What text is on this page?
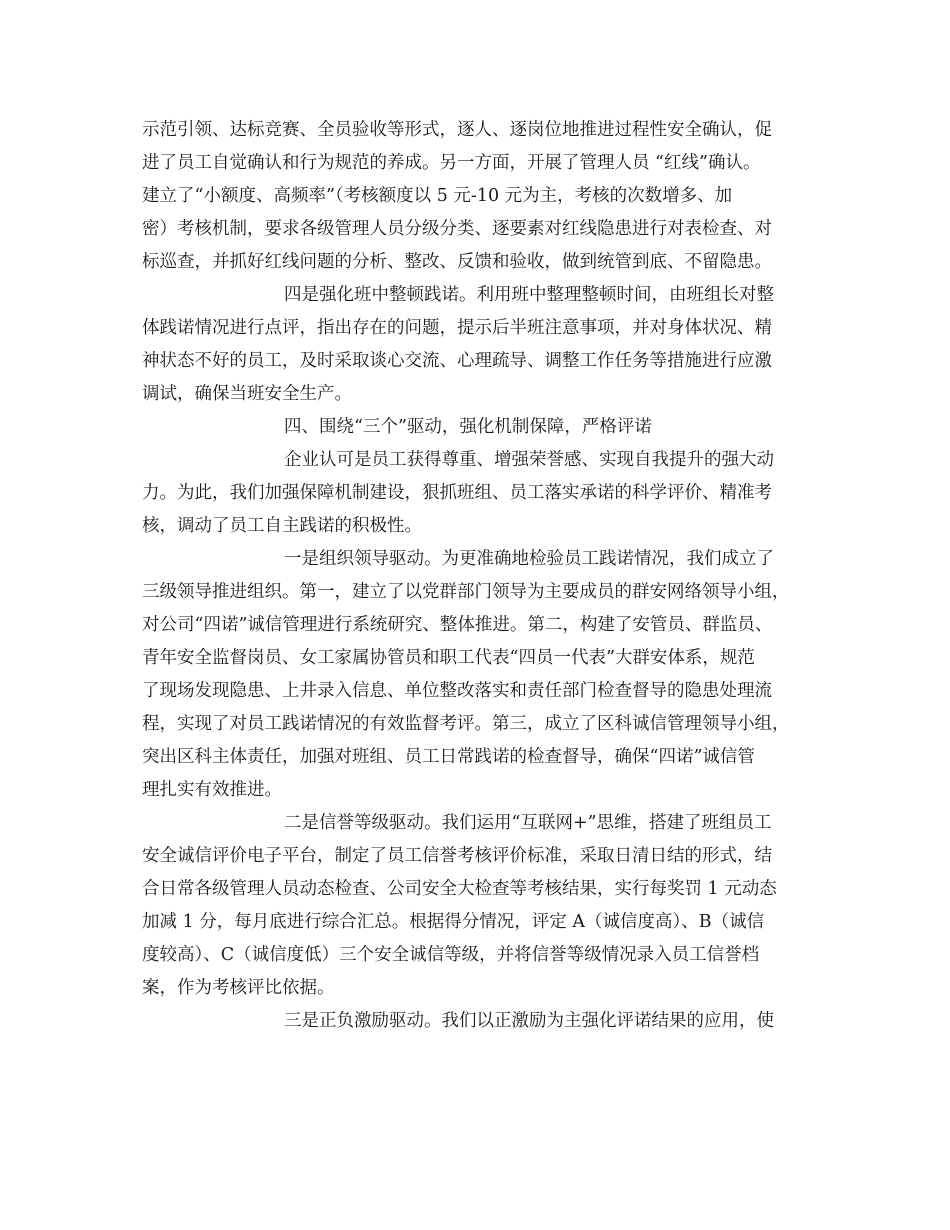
示范引领、达标竞赛、全员验收等形式，逐人、逐岗位地推进过程性安全确认，促
进了员工自觉确认和行为规范的养成。另一方面，开展了管理人员 “红线”确认。
建立了“小额度、高频率”（考核额度以 5 元-10 元为主，考核的次数增多、加
密）考核机制，要求各级管理人员分级分类、逐要素对红线隐患进行对表检查、对
标巡查，并抓好红线问题的分析、整改、反馈和验收，做到统管到底、不留隐患。
四是强化班中整顿践诺。利用班中整理整顿时间，由班组长对整
体践诺情况进行点评，指出存在的问题，提示后半班注意事项，并对身体状况、精
神状态不好的员工，及时采取谈心交流、心理疏导、调整工作任务等措施进行应激
调试，确保当班安全生产。
四、围绕“三个”驱动，强化机制保障，严格评诺
企业认可是员工获得尊重、增强荣誉感、实现自我提升的强大动
力。为此，我们加强保障机制建设，狠抓班组、员工落实承诺的科学评价、精准考
核，调动了员工自主践诺的积极性。
一是组织领导驱动。为更准确地检验员工践诺情况，我们成立了
三级领导推进组织。第一，建立了以党群部门领导为主要成员的群安网络领导小组，
对公司“四诺”诚信管理进行系统研究、整体推进。第二，构建了安管员、群监员、
青年安全监督岗员、女工家属协管员和职工代表“四员一代表”大群安体系，规范
了现场发现隐患、上井录入信息、单位整改落实和责任部门检查督导的隐患处理流
程，实现了对员工践诺情况的有效监督考评。第三，成立了区科诚信管理领导小组，
突出区科主体责任，加强对班组、员工日常践诺的检查督导，确保“四诺”诚信管
理扎实有效推进。
二是信誉等级驱动。我们运用“互联网+”思维，搭建了班组员工
安全诚信评价电子平台，制定了员工信誉考核评价标准，采取日清日结的形式，结
合日常各级管理人员动态检查、公司安全大检查等考核结果，实行每奖罚 1 元动态
加减 1 分，每月底进行综合汇总。根据得分情况，评定 A（诚信度高）、B（诚信
度较高）、C（诚信度低）三个安全诚信等级，并将信誉等级情况录入员工信誉档
案，作为考核评比依据。
三是正负激励驱动。我们以正激励为主强化评诺结果的应用，使
